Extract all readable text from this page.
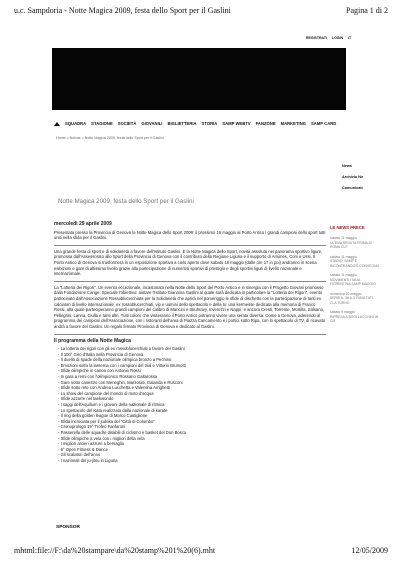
u.c. Sampdoria - Notte Magica 2009, festa dello Sport per il Gaslini	Pagina 1 di 2
REGISTRATI LOGIN IT
SQUADRA STAGIONE SOCIETÀ GIOVANILI BIGLIETTERIA STORIA SAMP WEBTV FANZONE MARKETING SAMP CARD
Home > Notizie > Notte Magica 2009, festa dello Sport per il Gaslini
News
Archivio Ne
Comunicati
Notte Magica 2009, festa dello Sport per il Gaslini
mercoledì 29 aprile 2009

Presentata presso la Provincia di Genova la Notte Magica dello Sport 2009: il prossimo 16 maggio al Porto Antico i grandi campioni dello sport tutti uniti nella sfida per il Gaslini.

Una grande festa di sport e di solidarietà a favore dell'Istituto Gaslini. È la Notte Magica dello Sport, novità assoluta nel panorama sportivo ligure, promossa dall'Assessorato allo Sport della Provincia di Genova con il contributo della Regione Liguria e il supporto di Amimes, Coni e Ussi. Il Porto Antico di Genova si trasformerà in un esposizione sportiva a cielo aperto dove sabato 16 maggio (dalle ore 17 in poi) andranno in scena esibizioni e gare di altissimo livello grazie alla partecipazione di numerosi sportivi di prestigio e degli sportivi liguri di livello nazionale e internazionale.

La "Lotteria dei Rigori". Un evento eccezionale, incastonato nella Notte dello Sport del Porto Antico e in sinergia con il Progetto Giovani promosso dalla Fondazione Carige. Speciale l'obiettivo: aiutare l'Istituto Giannina Gaslini al quale sarà dedicata in particolare la "Lotteria dei Rigori", evento patrocinato dall'Associazione Rossoblucerchiata per la Solidarietà che aprirà nel pomeriggio le sfide di dischetto con la partecipazione di tanti ex calciatori di livello internazionale, ex rossoblucerchiati, vip e uomini dello spettacolo e della tv: una kermesse dedicata alla memoria di Franco Rossi, alla quale parteciperanno grandi campioni del calibro di Mancini e Skuhravy, Inverezzi e Nappi, e ancora Cresti, Torrente, Mortilla, Salsano, Pellegrini, Lanna, Ciulla e tanti altri. Tutti coloro che visiteranno il Porto Antico potranno vivere una serata diversa. Come a Genova, aderendo al programma dei campioni dell'Associazione, con i ristoranti dell'area di Piazza Caricamento e i portici sotto Ripa, con lo spettacolo di TV, di ricavato andrà a favore del Gaslini. Un regalo firmato Provincia di Genova e dedicato al Gaslini.

Il programma della Notte Magica
- La lotteria dei rigori con gli ex rossoblucerchiati a favore del Gaslini
- Il 100° Giro d'Italia nella Provincia di Genova
- Il duello di spade della nazionale olimpica bronzo a Pechino
- Emozioni sotto la lanterna con i campioni del trial e Vittorio Brumotti
- Sfide olimpiche in canoa con Antonio Rossi
- In gara a remi con l'olimpionico Rossano Galtarossa
- Gare sotto canestro con Meneghin, Marzorati, Galanda e Rusconi
- Sfide sotto rete con Andrea Lucchetta e Valentina Arrighetti
- Lo show del campione del mondo di moto d'acqua
- Sfide azzurre nel taekwondo
- I saggi dell'Aquilium e i giovani della nazionale di ritmica
- Lo spettacolo del Kata realizzato dalla nazionale di karate
- Il ring della golden league di Marco Castiglione
- Sfida incrociata per il judoka del "Città di Colombo"
- Cronoprologo 19° Trofeo Fanfaroni
- Passerella delle squadre disabili di ciclismo e basket del Don Bosco
- Sfide olimpiche a vela con i migliori della vela
- I migliori arcieri azzurri a bersaglio
- 6° Open Fitness & Dance
- Gli scalatori dell'anno
- I nazionali del ju-jitsu in Liguria
LE NEWS PRECE
sabato 11 maggio
ULTIMA SEDUTA PRIMA DI ROMA CUT
sabato 11 maggio
STADIO: SAMP E INCONTRANDOSI CONVEGNO
sabato 11 maggio
MOVIMENTI ITALIA FIORENTINA SAMP MAGGIO
domenica 10 maggio
SERIE A, 36 A G RISULTATI, CLA TURNO
sabato 9 maggio
RIPRESA A BOGI LUCCHINI IN GR
SPONSOR
mhtml:file://F:\da%20stampare\da%20stamp%201%20(6).mht	12/05/2009
